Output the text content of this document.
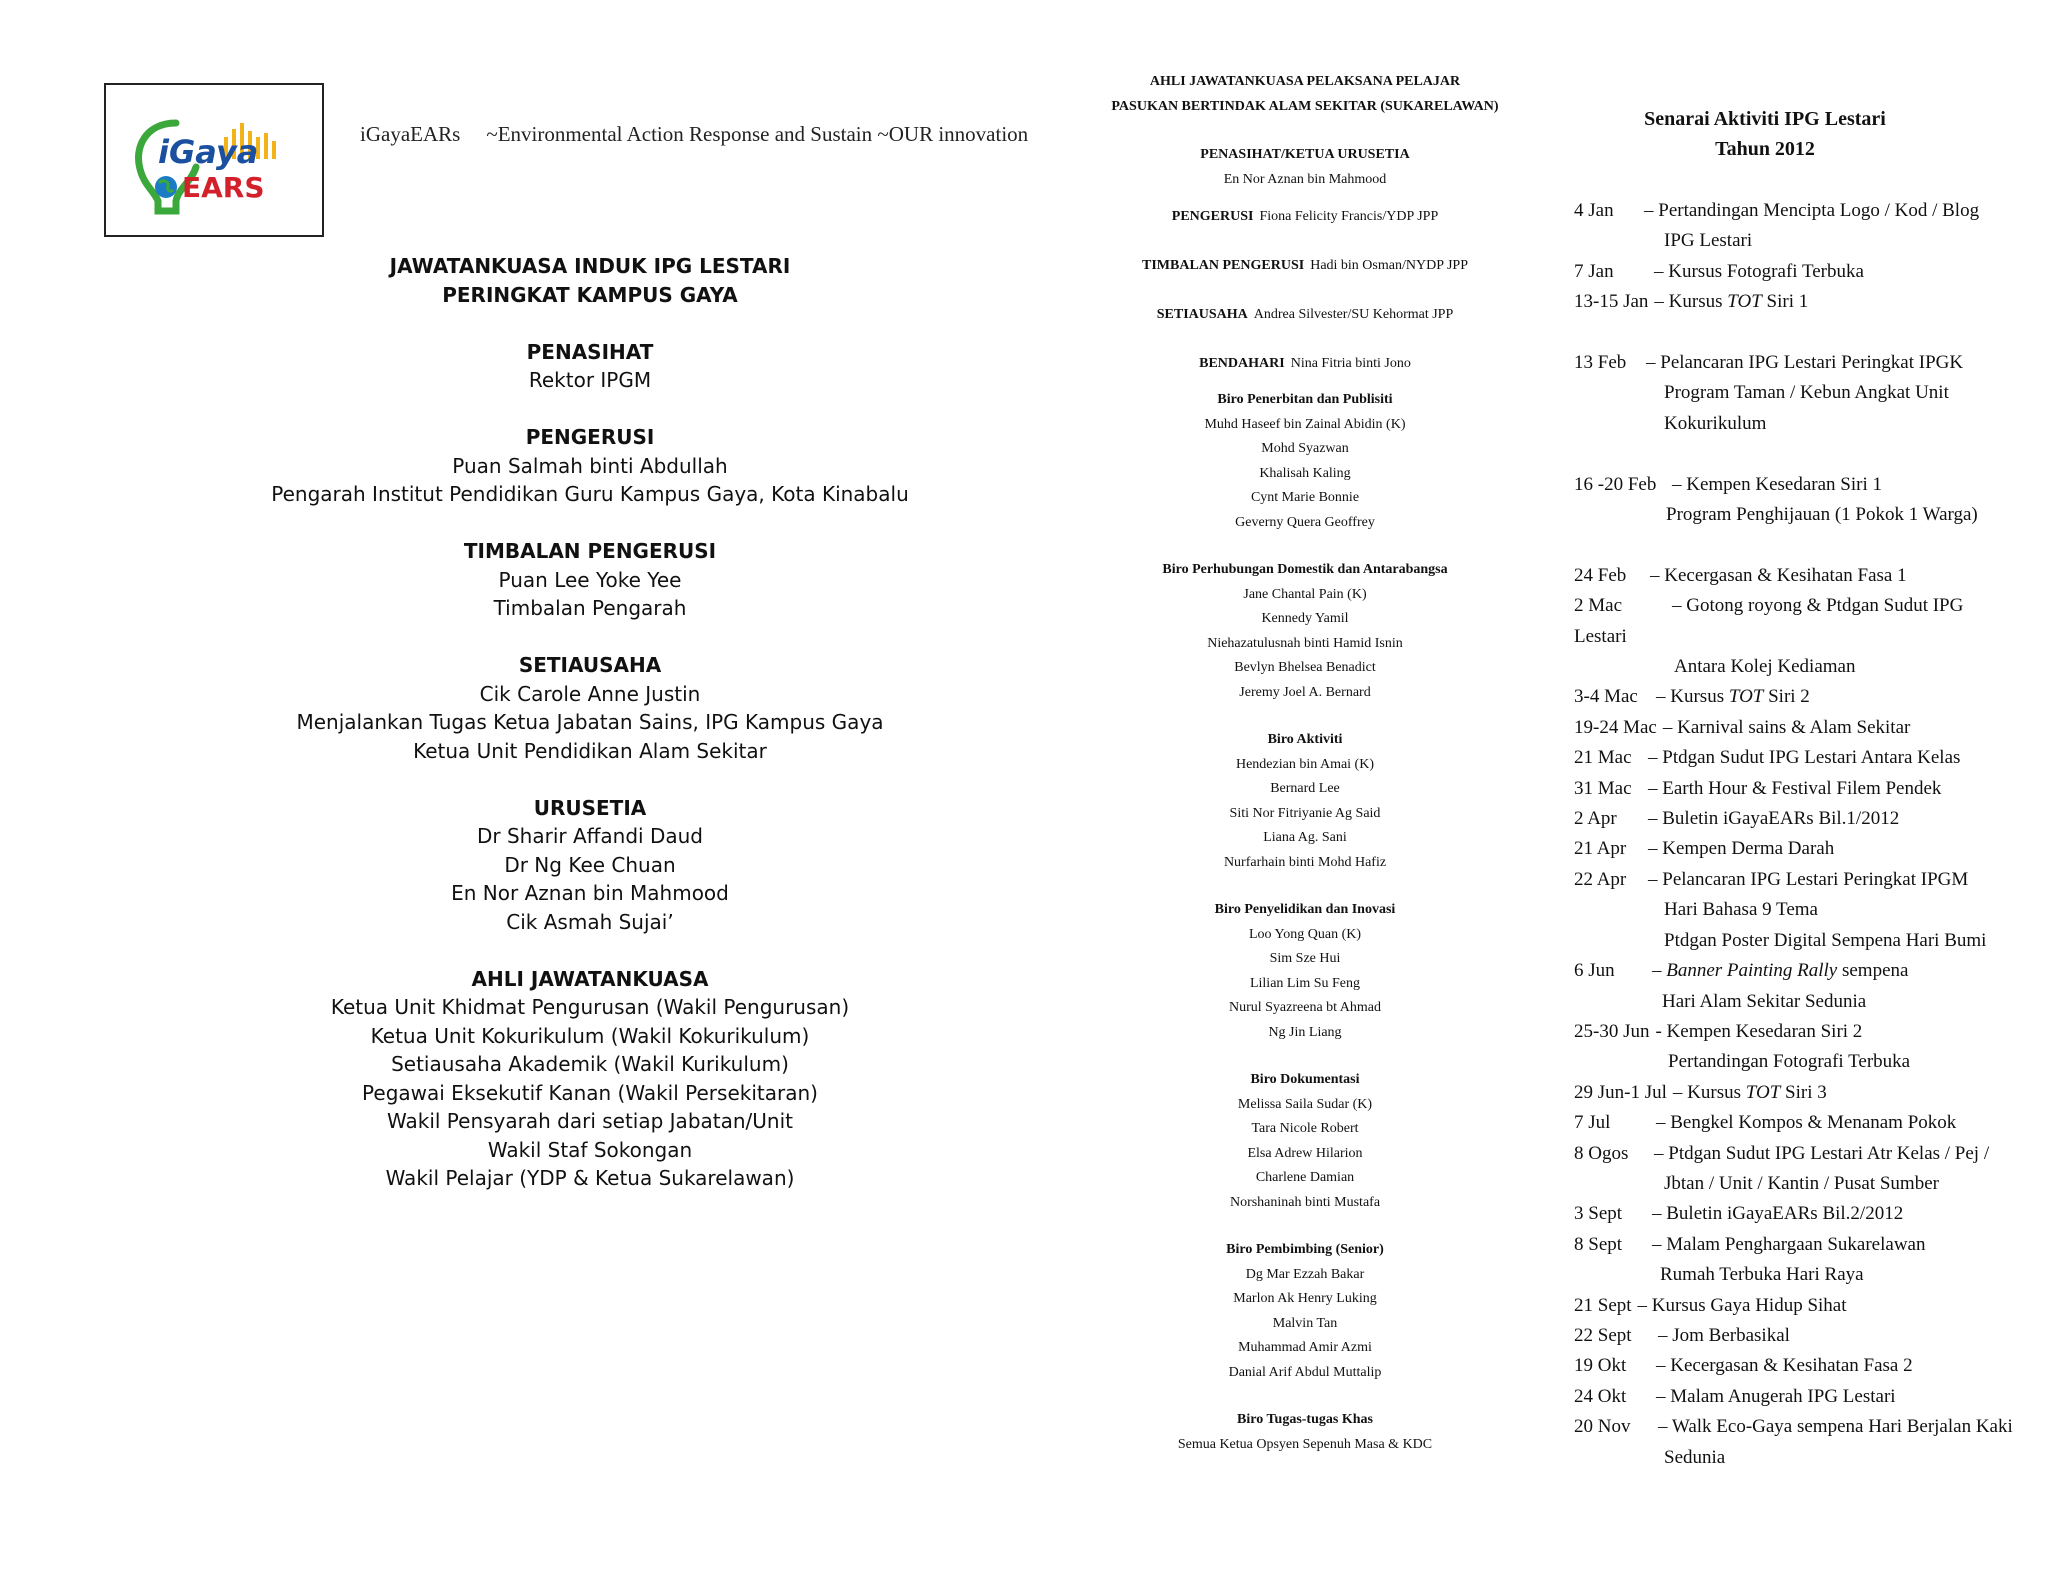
iGaya
EARS
iGayaEARs ~Environmental Action Response and Sustain ~OUR innovation
JAWATANKUASA INDUK IPG LESTARI
PERINGKAT KAMPUS GAYA
PENASIHAT
Rektor IPGM
PENGERUSI
Puan Salmah binti Abdullah
Pengarah Institut Pendidikan Guru Kampus Gaya, Kota Kinabalu
TIMBALAN PENGERUSI
Puan Lee Yoke Yee
Timbalan Pengarah
SETIAUSAHA
Cik Carole Anne Justin
Menjalankan Tugas Ketua Jabatan Sains, IPG Kampus Gaya
Ketua Unit Pendidikan Alam Sekitar
URUSETIA
Dr Sharir Affandi Daud
Dr Ng Kee Chuan
En Nor Aznan bin Mahmood
Cik Asmah Sujai’
AHLI JAWATANKUASA
Ketua Unit Khidmat Pengurusan (Wakil Pengurusan)
Ketua Unit Kokurikulum (Wakil Kokurikulum)
Setiausaha Akademik (Wakil Kurikulum)
Pegawai Eksekutif Kanan (Wakil Persekitaran)
Wakil Pensyarah dari setiap Jabatan/Unit
Wakil Staf Sokongan
Wakil Pelajar (YDP & Ketua Sukarelawan)
AHLI JAWATANKUASA PELAKSANA PELAJAR
PASUKAN BERTINDAK ALAM SEKITAR (SUKARELAWAN)
PENASIHAT/KETUA URUSETIA
En Nor Aznan bin Mahmood
PENGERUSI Fiona Felicity Francis/YDP JPP
TIMBALAN PENGERUSI Hadi bin Osman/NYDP JPP
SETIAUSAHA Andrea Silvester/SU Kehormat JPP
BENDAHARI Nina Fitria binti Jono
Biro Penerbitan dan Publisiti
Muhd Haseef bin Zainal Abidin (K)
Mohd Syazwan
Khalisah Kaling
Cynt Marie Bonnie
Geverny Quera Geoffrey
Biro Perhubungan Domestik dan Antarabangsa
Jane Chantal Pain (K)
Kennedy Yamil
Niehazatulusnah binti Hamid Isnin
Bevlyn Bhelsea Benadict
Jeremy Joel A. Bernard
Biro Aktiviti
Hendezian bin Amai (K)
Bernard Lee
Siti Nor Fitriyanie Ag Said
Liana Ag. Sani
Nurfarhain binti Mohd Hafiz
Biro Penyelidikan dan Inovasi
Loo Yong Quan (K)
Sim Sze Hui
Lilian Lim Su Feng
Nurul Syazreena bt Ahmad
Ng Jin Liang
Biro Dokumentasi
Melissa Saila Sudar (K)
Tara Nicole Robert
Elsa Adrew Hilarion
Charlene Damian
Norshaninah binti Mustafa
Biro Pembimbing (Senior)
Dg Mar Ezzah Bakar
Marlon Ak Henry Luking
Malvin Tan
Muhammad Amir Azmi
Danial Arif Abdul Muttalip
Biro Tugas-tugas Khas
Semua Ketua Opsyen Sepenuh Masa & KDC
Senarai Aktiviti IPG Lestari
Tahun 2012
4 Jan – Pertandingan Mencipta Logo / Kod / Blog
IPG Lestari
7 Jan – Kursus Fotografi Terbuka
13-15 Jan – Kursus TOT Siri 1
13 Feb – Pelancaran IPG Lestari Peringkat IPGK
Program Taman / Kebun Angkat Unit
Kokurikulum
16 -20 Feb – Kempen Kesedaran Siri 1
Program Penghijauan (1 Pokok 1 Warga)
24 Feb – Kecergasan & Kesihatan Fasa 1
2 Mac	– Gotong royong & Ptdgan Sudut IPG Lestari
Antara Kolej Kediaman
3-4 Mac – Kursus TOT Siri 2
19-24 Mac – Karnival sains & Alam Sekitar
21 Mac – Ptdgan Sudut IPG Lestari Antara Kelas
31 Mac – Earth Hour & Festival Filem Pendek
2 Apr – Buletin iGayaEARs Bil.1/2012
21 Apr – Kempen Derma Darah
22 Apr – Pelancaran IPG Lestari Peringkat IPGM
Hari Bahasa 9 Tema
Ptdgan Poster Digital Sempena Hari Bumi
6 Jun – Banner Painting Rally sempena
Hari Alam Sekitar Sedunia
25-30 Jun - Kempen Kesedaran Siri 2
Pertandingan Fotografi Terbuka
29 Jun-1 Jul – Kursus TOT Siri 3
7 Jul – Bengkel Kompos & Menanam Pokok
8 Ogos – Ptdgan Sudut IPG Lestari Atr Kelas / Pej /
Jbtan / Unit / Kantin / Pusat Sumber
3 Sept – Buletin iGayaEARs Bil.2/2012
8 Sept – Malam Penghargaan Sukarelawan
Rumah Terbuka Hari Raya
21 Sept – Kursus Gaya Hidup Sihat
22 Sept – Jom Berbasikal
19 Okt – Kecergasan & Kesihatan Fasa 2
24 Okt – Malam Anugerah IPG Lestari
20 Nov – Walk Eco-Gaya sempena Hari Berjalan Kaki
Sedunia
